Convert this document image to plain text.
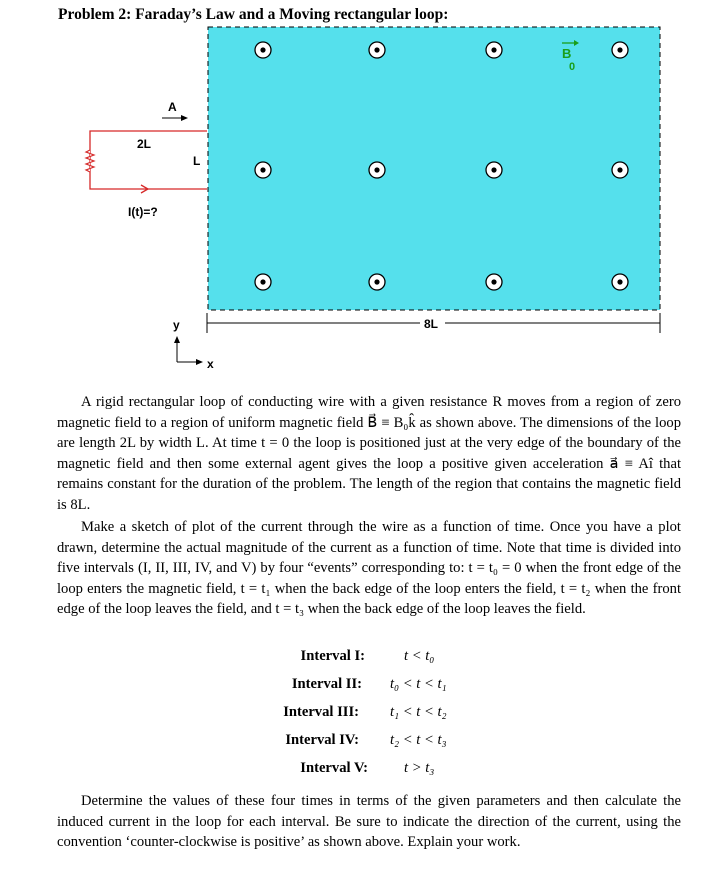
Problem 2: Faraday’s Law and a Moving rectangular loop:
B
0
2L
L
I(t)=?
A
8L
y
x

A rigid rectangular loop of conducting wire with a given resistance R moves from a region of zero magnetic field to a region of uniform magnetic field B⃗ ≡ B₀k̂ as shown above. The dimensions of the loop are length 2L by width L. At time t = 0 the loop is positioned just at the very edge of the boundary of the magnetic field and then some external agent gives the loop a positive given acceleration a⃗ ≡ Aî that remains constant for the duration of the problem. The length of the region that contains the magnetic field is 8L.

Make a sketch of plot of the current through the wire as a function of time. Once you have a plot drawn, determine the actual magnitude of the current as a function of time. Note that time is divided into five intervals (I, II, III, IV, and V) by four “events” corresponding to: t = t₀ = 0 when the front edge of the loop enters the magnetic field, t = t₁ when the back edge of the loop enters the field, t = t₂ when the front edge of the loop leaves the field, and t = t₃ when the back edge of the loop leaves the field.

Interval I:	t < t₀
Interval II: t₀ < t < t₁
Interval III: t₁ < t < t₂
Interval IV: t₂ < t < t₃
Interval V: t > t₃

Determine the values of these four times in terms of the given parameters and then calculate the induced current in the loop for each interval. Be sure to indicate the direction of the current, using the convention ‘counter-clockwise is positive’ as shown above. Explain your work.
